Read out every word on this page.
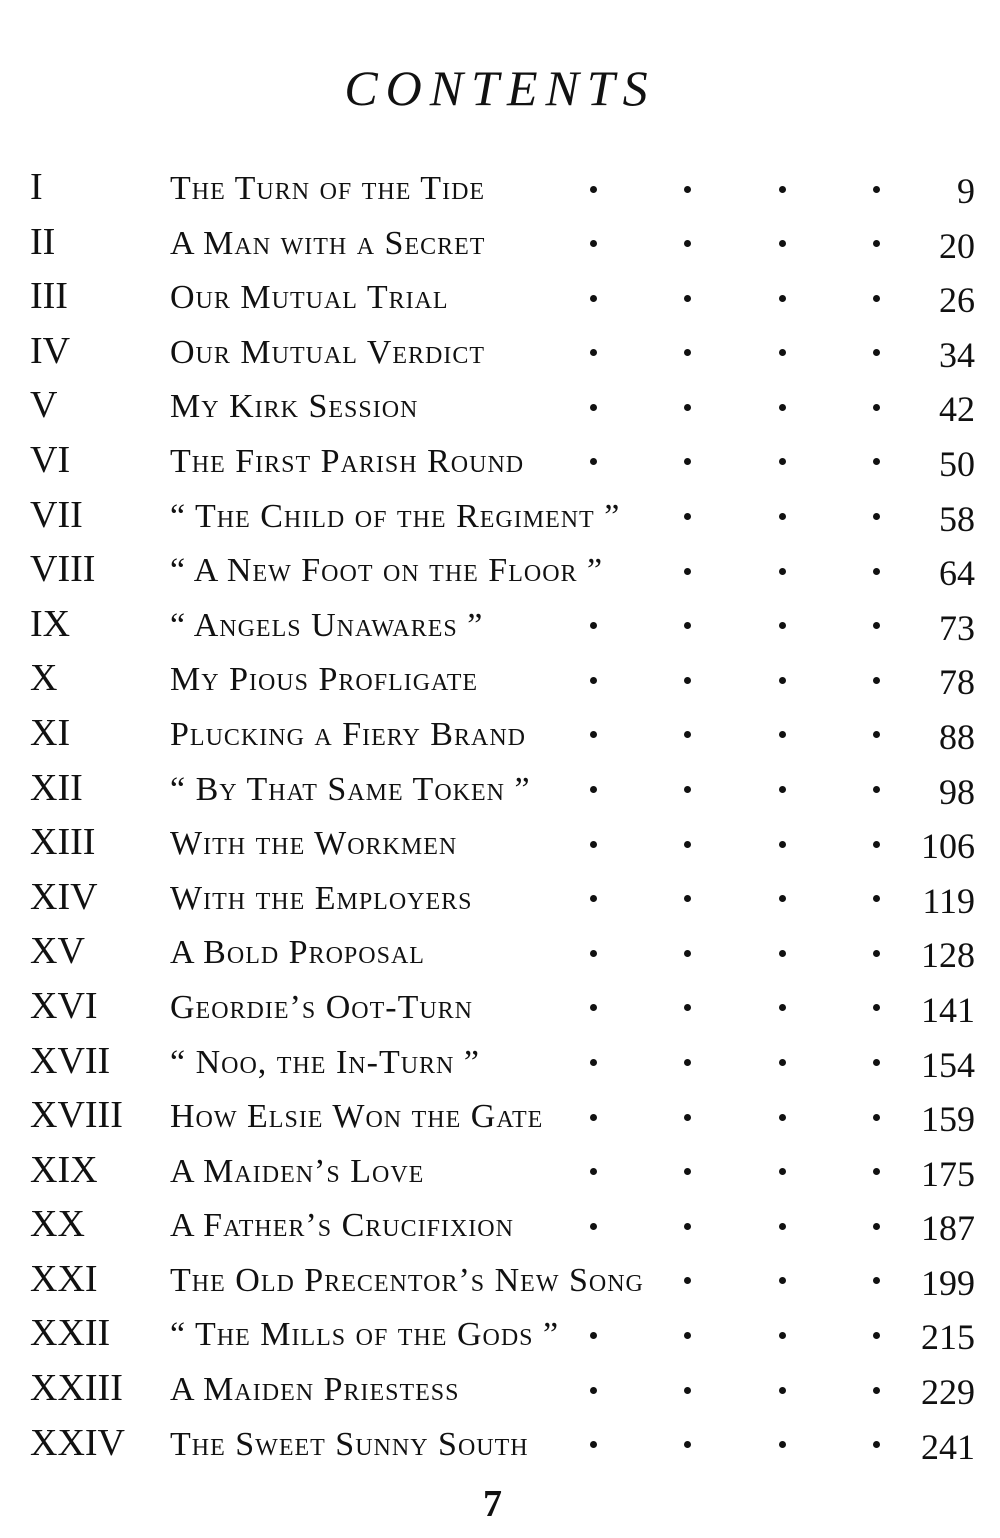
CONTENTS
I	The Turn of the Tide	9
II	A Man with a Secret	20
III	Our Mutual Trial	26
IV	Our Mutual Verdict	34
V	My Kirk Session	42
VI	The First Parish Round	50
VII	“ The Child of the Regiment ”	58
VIII “ A New Foot on the Floor ”	64
IX	“ Angels Unawares ”	73
X	My Pious Profligate	78
XI	Plucking a Fiery Brand	88
XII	“ By That Same Token ”	98
XIII With the Workmen	106
XIV With the Employers	119
XV	A Bold Proposal	128
XVI Geordie’s Oot-Turn	141
XVII “ Noo, the In-Turn ”	154
XVIII How Elsie Won the Gate	159
XIX A Maiden’s Love	175
XX	A Father’s Crucifixion	187
XXI The Old Precentor’s New Song	199
XXII “ The Mills of the Gods ”	215
XXIII A Maiden Priestess	229
XXIV The Sweet Sunny South	241
7
